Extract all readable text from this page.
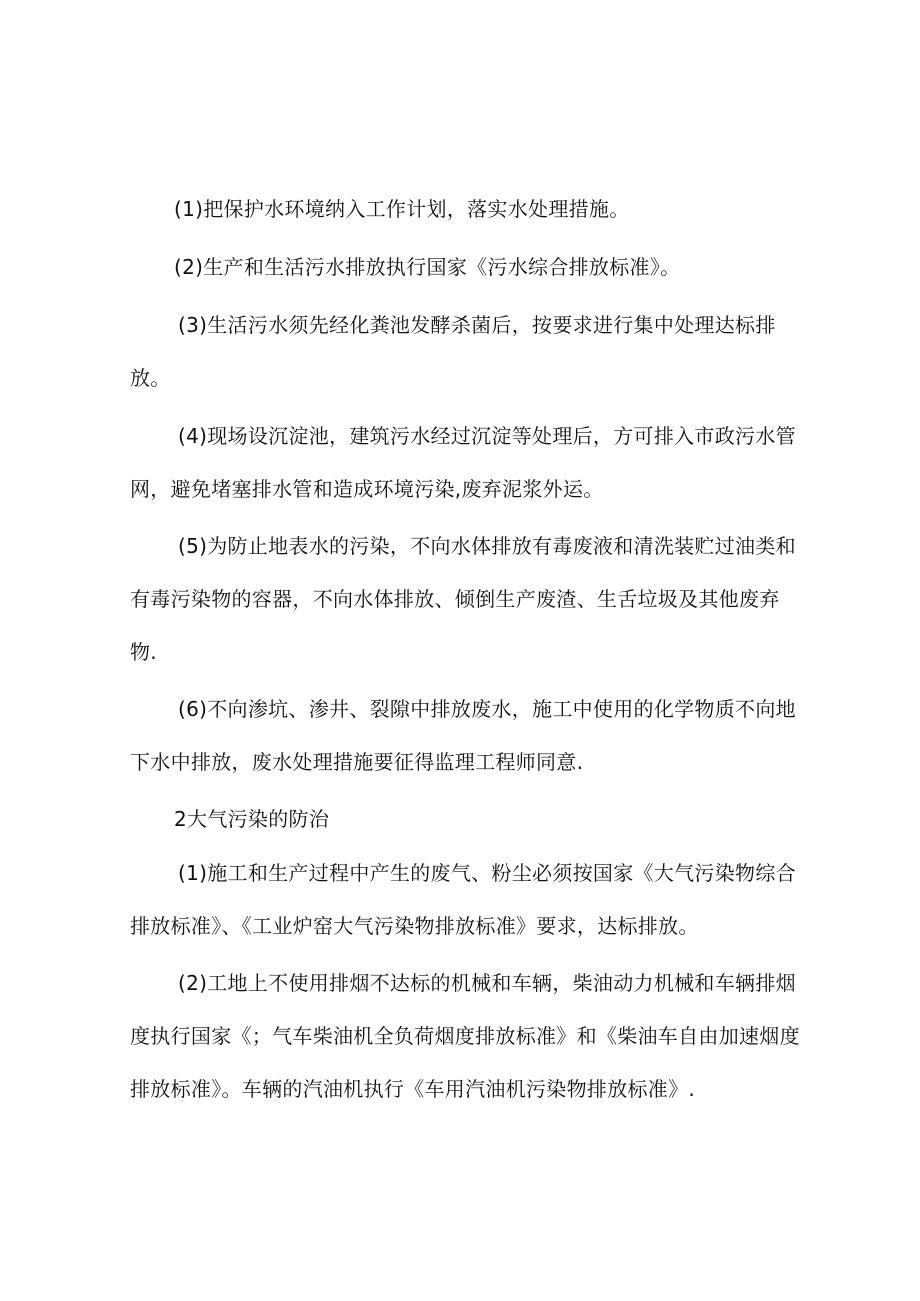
(1)把保护水环境纳入工作计划，落实水处理措施。
(2)生产和生活污水排放执行国家《污水综合排放标准》。
(3)生活污水须先经化粪池发酵杀菌后，按要求进行集中处理达标排
放。
(4)现场设沉淀池，建筑污水经过沉淀等处理后，方可排入市政污水管
网，避免堵塞排水管和造成环境污染,废弃泥浆外运。
(5)为防止地表水的污染，不向水体排放有毒废液和清洗装贮过油类和
有毒污染物的容器，不向水体排放、倾倒生产废渣、生舌垃圾及其他废弃
物.
(6)不向渗坑、渗井、裂隙中排放废水，施工中使用的化学物质不向地
下水中排放，废水处理措施要征得监理工程师同意.
2大气污染的防治
(1)施工和生产过程中产生的废气、粉尘必须按国家《大气污染物综合
排放标准》、《工业炉窑大气污染物排放标准》要求，达标排放。
(2)工地上不使用排烟不达标的机械和车辆，柴油动力机械和车辆排烟
度执行国家《；气车柴油机全负荷烟度排放标准》和《柴油车自由加速烟度
排放标准》。车辆的汽油机执行《车用汽油机污染物排放标准》.
